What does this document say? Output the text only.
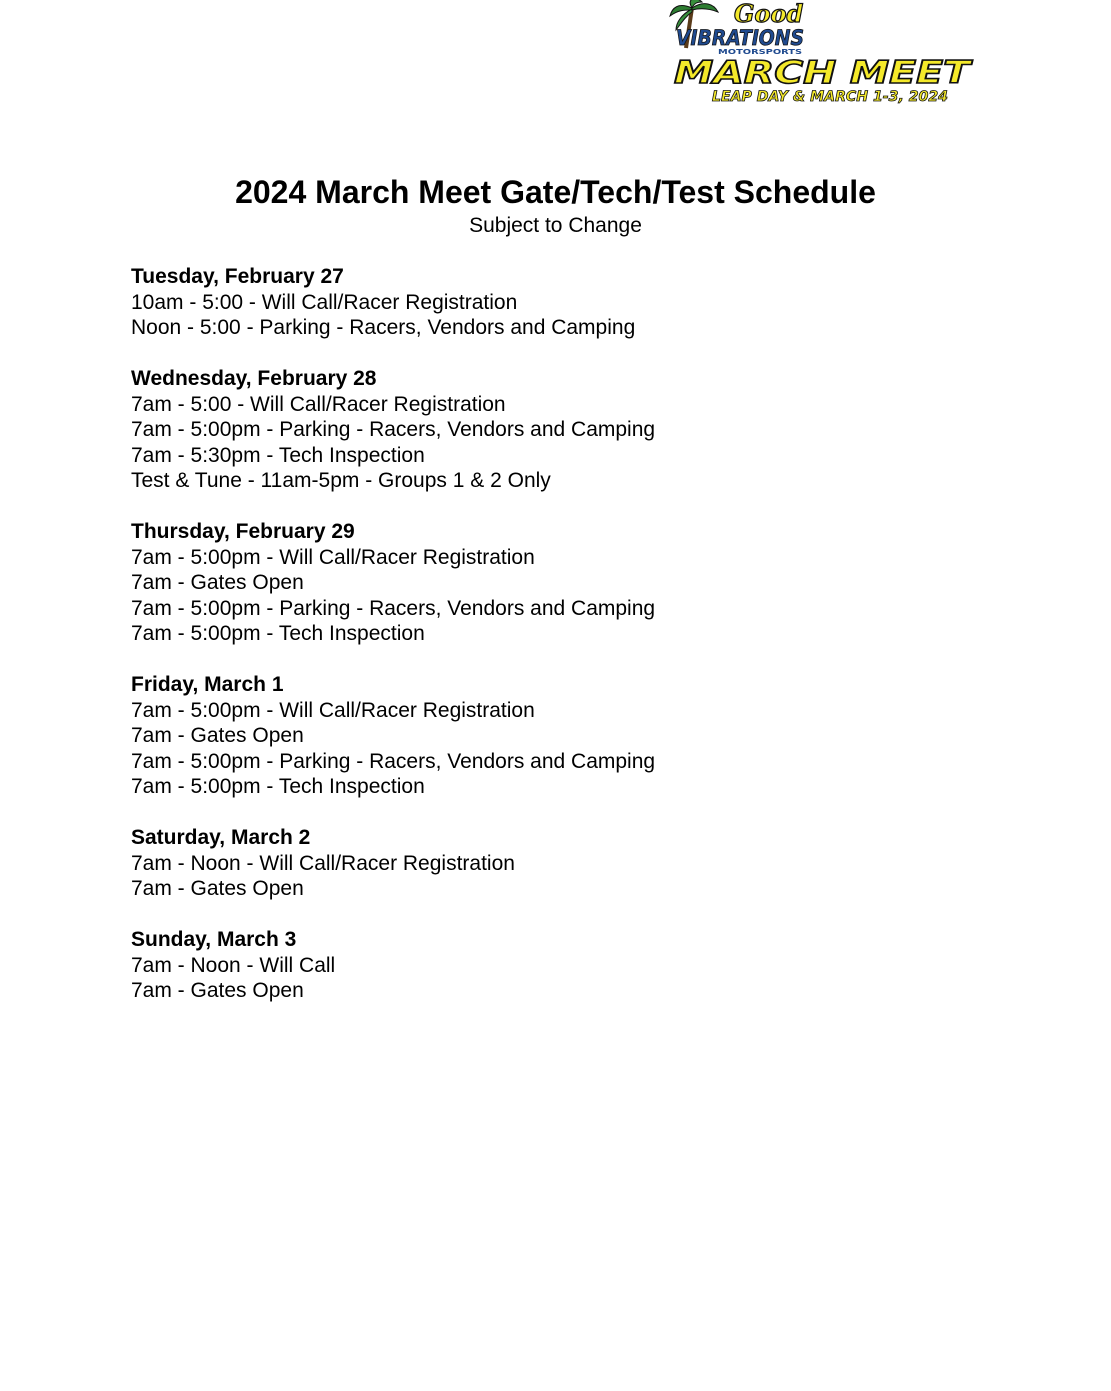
Good
VIBRATIONS
MOTORSPORTS
MARCH MEET
LEAP DAY & MARCH 1-3, 2024
2024 March Meet Gate/Tech/Test Schedule
Subject to Change

Tuesday, February 27

10am - 5:00 - Will Call/Racer Registration

Noon - 5:00 - Parking - Racers, Vendors and Camping

Wednesday, February 28

7am - 5:00 - Will Call/Racer Registration

7am - 5:00pm - Parking - Racers, Vendors and Camping

7am - 5:30pm - Tech Inspection

Test & Tune - 11am-5pm - Groups 1 & 2 Only

Thursday, February 29

7am - 5:00pm - Will Call/Racer Registration

7am - Gates Open

7am - 5:00pm - Parking - Racers, Vendors and Camping

7am - 5:00pm - Tech Inspection

Friday, March 1

7am - 5:00pm - Will Call/Racer Registration

7am - Gates Open

7am - 5:00pm - Parking - Racers, Vendors and Camping

7am - 5:00pm - Tech Inspection

Saturday, March 2

7am - Noon - Will Call/Racer Registration

7am - Gates Open

Sunday, March 3

7am - Noon - Will Call

7am - Gates Open
